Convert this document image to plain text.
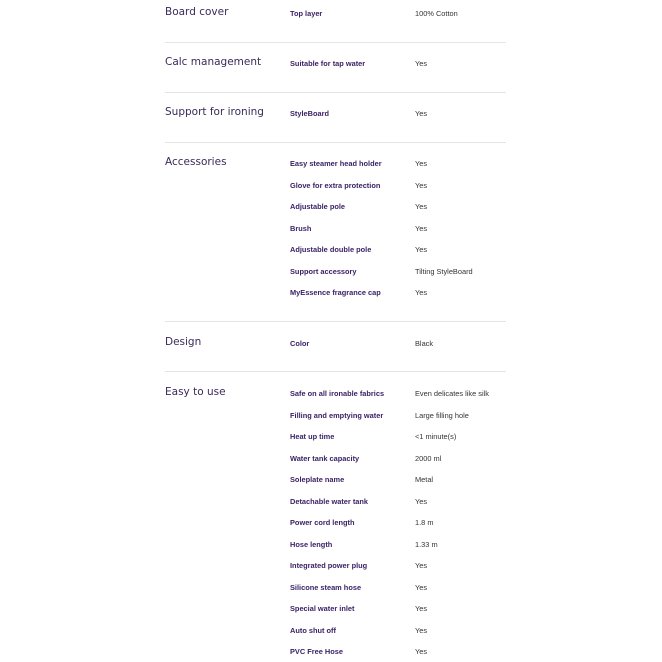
Board cover	Top layer	100% Cotton
Calc management	Suitable for tap water	Yes
Support for ironing	StyleBoard	Yes
Accessories	Easy steamer head holder	Yes
Glove for extra protection	Yes
Adjustable pole	Yes
Brush	Yes
Adjustable double pole	Yes
Support accessory	Tilting StyleBoard
MyEssence fragrance cap	Yes
Design	Color	Black
Easy to use	Safe on all ironable fabrics	Even delicates like silk
Filling and emptying water	Large filling hole
Heat up time	<1 minute(s)
Water tank capacity	2000 ml
Soleplate name	Metal
Detachable water tank	Yes
Power cord length	1.8 m
Hose length	1.33 m
Integrated power plug	Yes
Silicone steam hose	Yes
Special water inlet	Yes
Auto shut off	Yes
PVC Free Hose	Yes
